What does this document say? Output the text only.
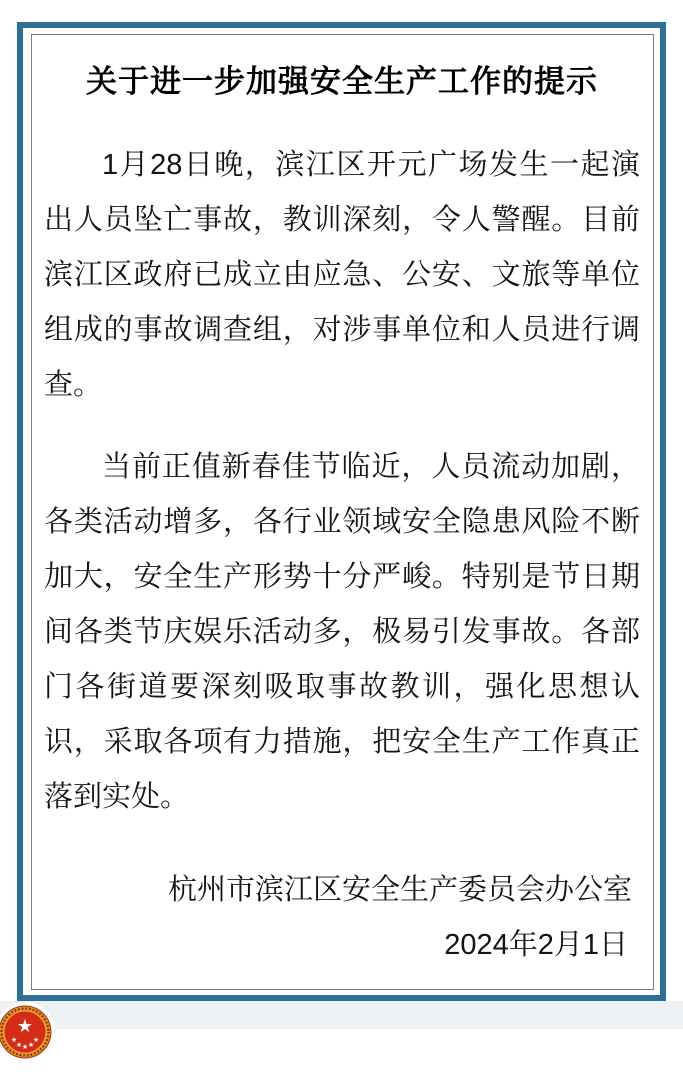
关于进一步加强安全生产工作的提示

1月28日晚，滨江区开元广场发生一起演出人员坠亡事故，教训深刻，令人警醒。目前滨江区政府已成立由应急、公安、文旅等单位组成的事故调查组，对涉事单位和人员进行调查。

当前正值新春佳节临近，人员流动加剧，各类活动增多，各行业领域安全隐患风险不断加大，安全生产形势十分严峻。特别是节日期间各类节庆娱乐活动多，极易引发事故。各部门各街道要深刻吸取事故教训，强化思想认识，采取各项有力措施，把安全生产工作真正落到实处。

杭州市滨江区安全生产委员会办公室
2024年2月1日
★
★
★ ★ ★
★
